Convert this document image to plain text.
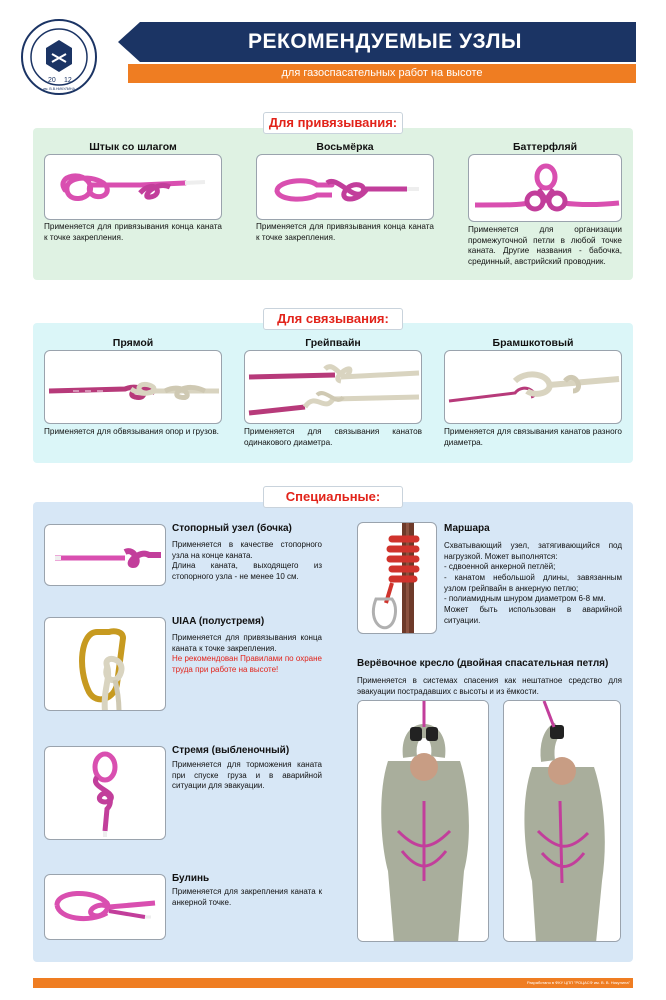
20 12
им. В.В.НИКУЛИНА
РЕКОМЕНДУЕМЫЕ УЗЛЫ
для газоспасательных работ на высоте
Для привязывания:
Штык со шлагом
Применяется для привязывания конца каната к точке закрепления.
Восьмёрка
Применяется для привязывания конца каната к точке закрепления.
Баттерфляй
Применяется для организации промежуточной петли в любой точке каната. Другие названия - бабочка, срединный, австрийский проводник.
Для связывания:
Прямой
Применяется для обвязывания опор и грузов.
Грейпвайн
Применяется для связывания канатов одинакового диаметра.
Брамшкотовый
Применяется для связывания канатов разного диаметра.
Специальные:
Стопорный узел (бочка)
Применяется в качестве стопорного узла на конце каната.
Длина каната, выходящего из стопорного узла - не менее 10 см.
UIAA (полустремя)
Применяется для привязывания конца каната к точке закрепления.
Не рекомендован Правилами по охране труда при работе на высоте!
Стремя (выбленочный)
Применяется для торможения каната при спуске груза и в аварийной ситуации для эвакуации.
Булинь
Применяется для закрепления каната к анкерной точке.
Маршара
Схватывающий узел, затягивающийся под нагрузкой. Может выполнятся:
- сдвоенной анкерной петлёй;
- канатом небольшой длины, завязанным узлом грейпвайн в анкерную петлю;
- полиамидным шнуром диаметром 6-8 мм.
Может быть использован в аварийной ситуации.
Верёвочное кресло (двойная спасательная петля)
Применяется в системах спасения как нештатное средство для эвакуации пострадавших с высоты и из ёмкости.
Разработано в ФКУ ЦПП "РОЦАСФ им. В. В. Никулина"
